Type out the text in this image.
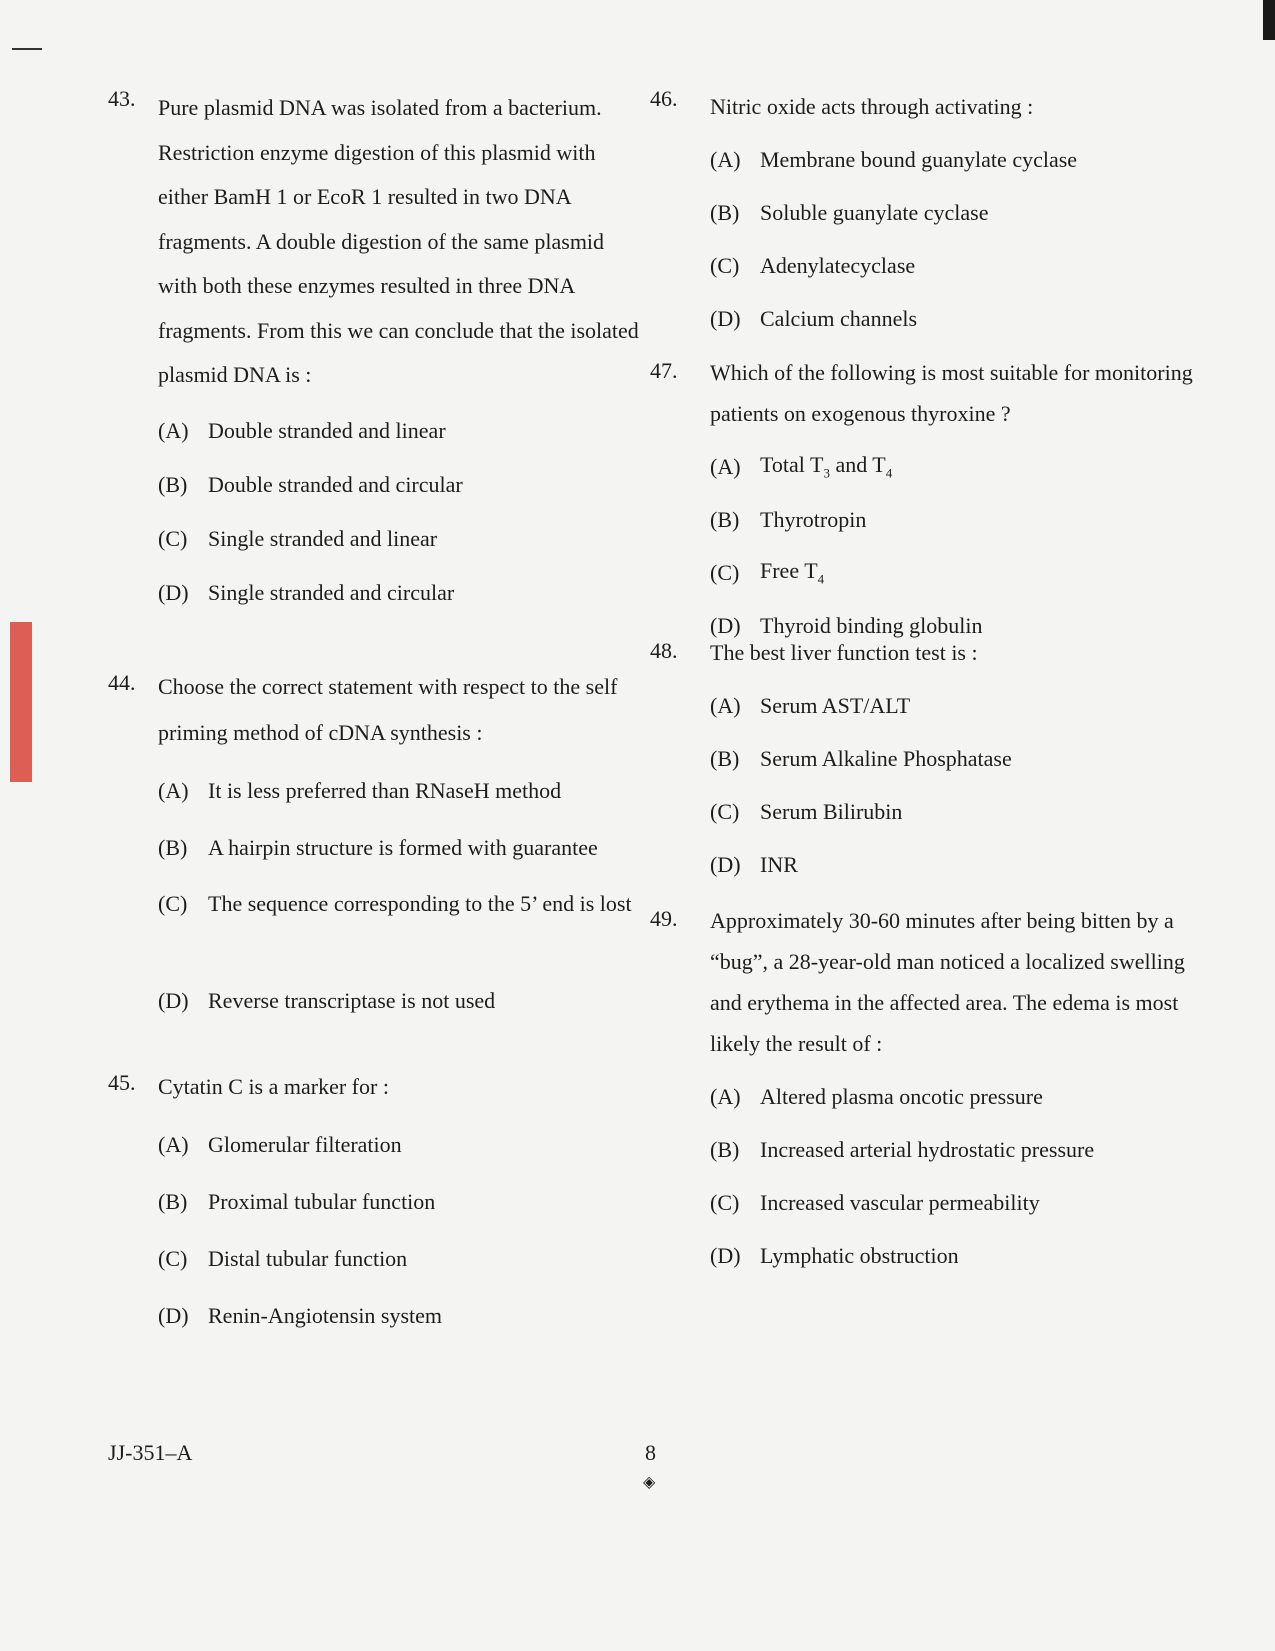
43. Pure plasmid DNA was isolated from a bacterium. Restriction enzyme digestion of this plasmid with either BamH 1 or EcoR 1 resulted in two DNA fragments. A double digestion of the same plasmid with both these enzymes resulted in three DNA fragments. From this we can conclude that the isolated plasmid DNA is :
(A) Double stranded and linear
(B) Double stranded and circular
(C) Single stranded and linear
(D) Single stranded and circular
44. Choose the correct statement with respect to the self priming method of cDNA synthesis :
(A) It is less preferred than RNaseH method
(B) A hairpin structure is formed with guarantee
(C) The sequence corresponding to the 5’ end is lost
(D) Reverse transcriptase is not used
45. Cytatin C is a marker for :
(A) Glomerular filteration
(B) Proximal tubular function
(C) Distal tubular function
(D) Renin-Angiotensin system
46. Nitric oxide acts through activating :
(A) Membrane bound guanylate cyclase
(B) Soluble guanylate cyclase
(C) Adenylatecyclase
(D) Calcium channels
47. Which of the following is most suitable for monitoring patients on exogenous thyroxine ?
(A) Total $T_3$ and $T_4$
(B) Thyrotropin
(C) Free $T_4$
(D) Thyroid binding globulin
48. The best liver function test is :
(A) Serum AST/ALT
(B) Serum Alkaline Phosphatase
(C) Serum Bilirubin
(D) INR
49. Approximately 30-60 minutes after being bitten by a “bug”, a 28-year-old man noticed a localized swelling and erythema in the affected area. The edema is most likely the result of :
(A) Altered plasma oncotic pressure
(B) Increased arterial hydrostatic pressure
(C) Increased vascular permeability
(D) Lymphatic obstruction
JJ-351–A	8
◈
